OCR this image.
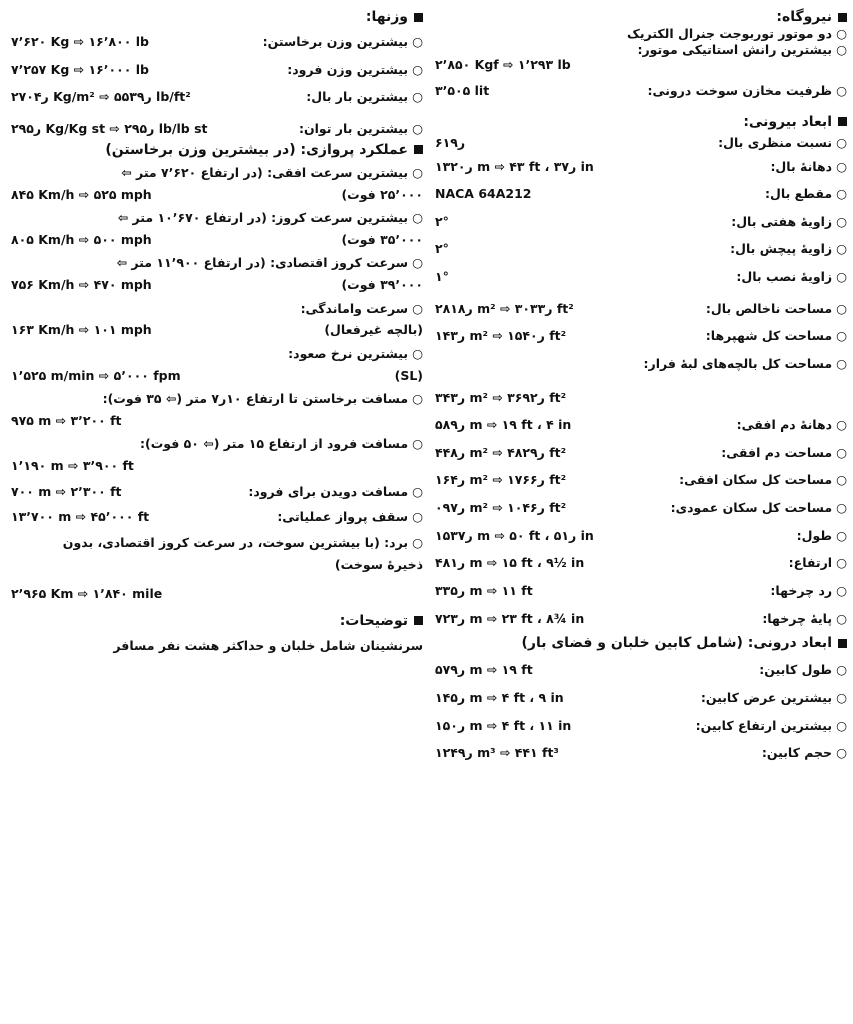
نیروگاه:
○ دو موتور توربوجت جنرال الکتریک
○ بیشترین رانش استاتیکی موتور:
۲٬۸۵۰ Kgf ⇨ ۱٬۲۹۳ lb
○ ظرفیت مخازن سوخت درونی:
۳٬۵۰۵ lit
ابعاد بیرونی:
○ نسبت منظری بال:
۶ر۱۹
○ دهانهٔ بال:
۱۳ر۲۰ m ⇨ ۴۳ ft ، ۳ر۷ in
○ مقطع بال:
NACA 64A212
○ زاویهٔ هفتی بال:
۲°
○ زاویهٔ پیچش بال:
۲°
○ زاویهٔ نصب بال:
۱°
○ مساحت ناخالص بال:
۲۸ر۱۸ m² ⇨ ۳۰۳ر۳ ft²
○ مساحت کل شهپرها:
۱ر۴۳ m² ⇨ ۱۵ر۴۰ ft²
○ مساحت کل بالچه‌های لبهٔ فرار:
۳ر۴۳ m² ⇨ ۳۶ر۹۲ ft²
○ دهانهٔ دم افقی:
۵ر۸۹ m ⇨ ۱۹ ft ، ۴ in
○ مساحت دم افقی:
۴ر۴۸ m² ⇨ ۴۸ر۲۹ ft²
○ مساحت کل سکان افقی:
۱ر۶۴ m² ⇨ ۱۷ر۶۶ ft²
○ مساحت کل سکان عمودی:
۰ر۹۷ m² ⇨ ۱۰ر۴۶ ft²
○ طول:
۱۵ر۳۷ m ⇨ ۵۰ ft ، ۵ر۱ in
○ ارتفاع:
۴ر۸۱ m ⇨ ۱۵ ft ، ۹½ in
○ رد چرخها:
۳ر۳۵ m ⇨ ۱۱ ft
○ پایهٔ چرخها:
۷ر۲۳ m ⇨ ۲۳ ft ، ۸¾ in
ابعاد درونی: (شامل کابین خلبان و فضای بار)
○ طول کابین:
۵ر۷۹ m ⇨ ۱۹ ft
○ بیشترین عرض کابین:
۱ر۴۵ m ⇨ ۴ ft ، ۹ in
○ بیشترین ارتفاع کابین:
۱ر۵۰ m ⇨ ۴ ft ، ۱۱ in
○ حجم کابین:
۱۲ر۴۹ m³ ⇨ ۴۴۱ ft³
وزنها:
○ بیشترین وزن برخاستن:
۷٬۶۲۰ Kg ⇨ ۱۶٬۸۰۰ lb
○ بیشترین وزن فرود:
۷٬۲۵۷ Kg ⇨ ۱۶٬۰۰۰ lb
○ بیشترین بار بال:
۲۷۰ر۴ Kg/m² ⇨ ۵۵ر۳۹ lb/ft²
○ بیشترین بار توان:
۲ر۹۵ Kg/Kg st ⇨ ۲ر۹۵ lb/lb st
عملکرد پروازی: (در بیشترین وزن برخاستن)
○ بیشترین سرعت افقی: (در ارتفاع ۷٬۶۲۰ متر ⇦
۲۵٬۰۰۰ فوت)
۸۴۵ Km/h ⇨ ۵۲۵ mph
○ بیشترین سرعت کروز: (در ارتفاع ۱۰٬۶۷۰ متر ⇦
۳۵٬۰۰۰ فوت)
۸۰۵ Km/h ⇨ ۵۰۰ mph
○ سرعت کروز اقتصادی: (در ارتفاع ۱۱٬۹۰۰ متر ⇦
۳۹٬۰۰۰ فوت)
۷۵۶ Km/h ⇨ ۴۷۰ mph
○ سرعت واماندگی:
(بالچه غیرفعال)
۱۶۳ Km/h ⇨ ۱۰۱ mph
○ بیشترین نرخ صعود:
(SL)
۱٬۵۲۵ m/min ⇨ ۵٬۰۰۰ fpm
○ مسافت برخاستن تا ارتفاع ۱۰ر۷ متر (⇦ ۳۵ فوت):
۹۷۵ m ⇨ ۳٬۲۰۰ ft
○ مسافت فرود از ارتفاع ۱۵ متر (⇦ ۵۰ فوت):
۱٬۱۹۰ m ⇨ ۳٬۹۰۰ ft
○ مسافت دویدن برای فرود:
۷۰۰ m ⇨ ۲٬۳۰۰ ft
○ سقف پرواز عملیاتی:
۱۳٬۷۰۰ m ⇨ ۴۵٬۰۰۰ ft
○ برد: (با بیشترین سوخت، در سرعت کروز اقتصادی، بدون
ذخیرهٔ سوخت)
۲٬۹۶۵ Km ⇨ ۱٬۸۴۰ mile
توضیحات:
سرنشینان شامل خلبان و حداکثر هشت نفر مسافر
